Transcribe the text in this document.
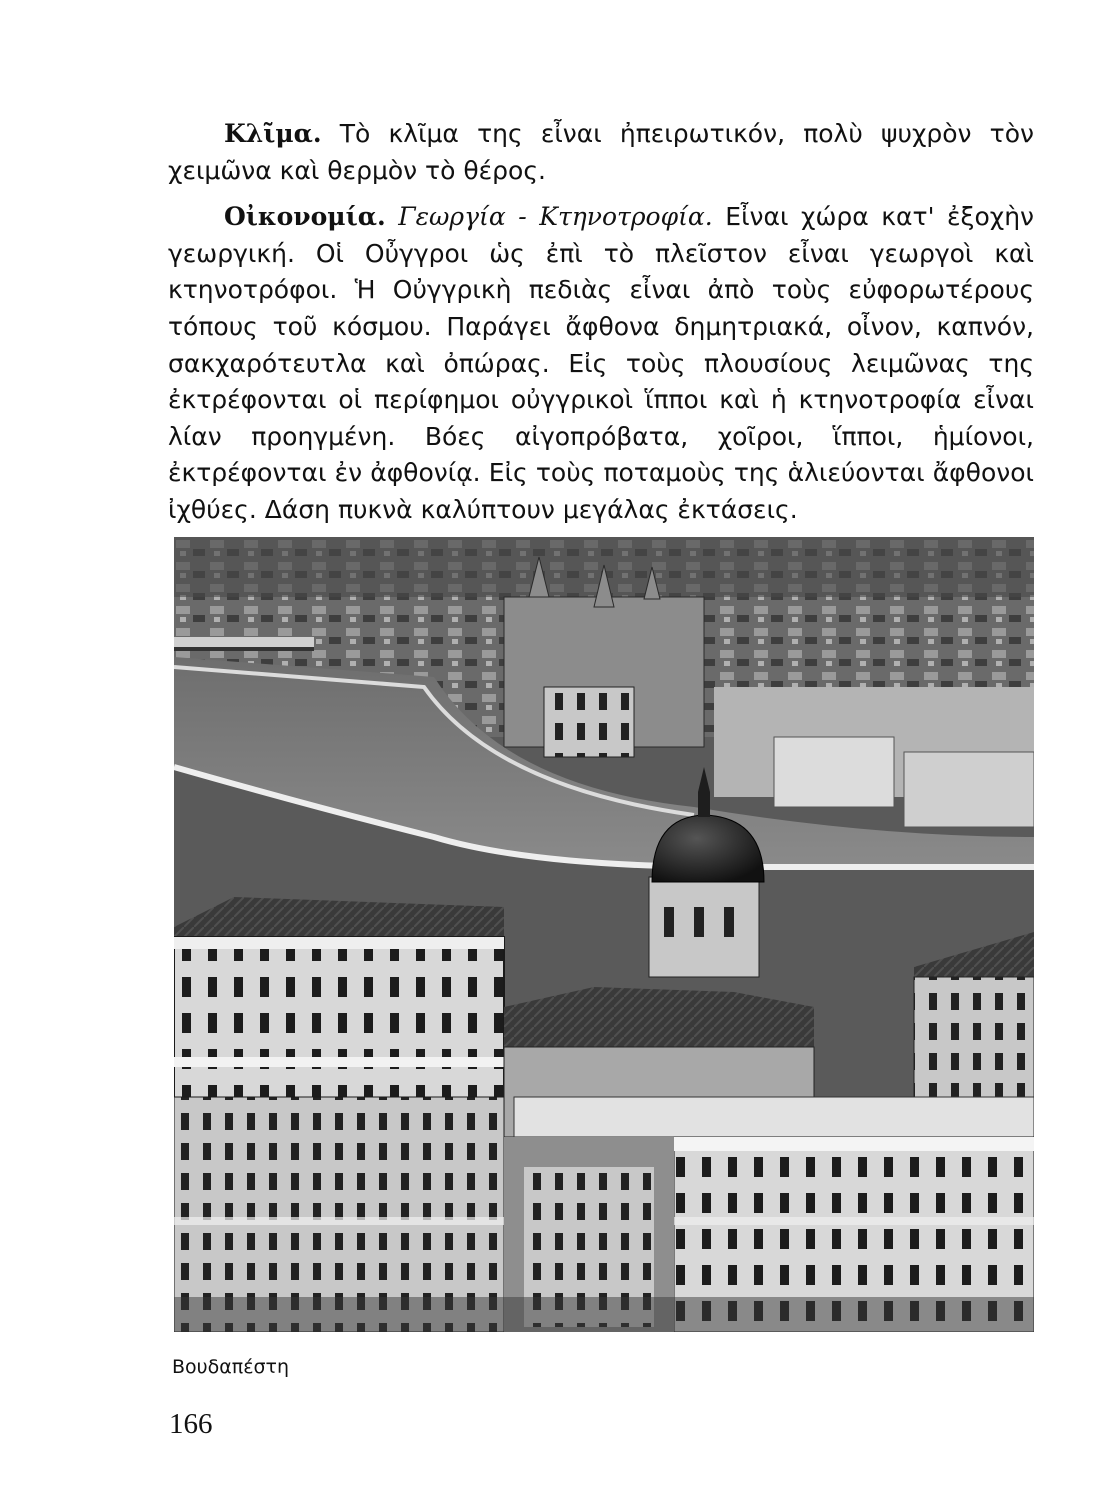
Κλῖμα. Τὸ κλῖμα της εἶναι ἠπειρωτικόν, πολὺ ψυχρὸν τὸν χειμῶνα καὶ θερμὸν τὸ θέρος.

Οἰκονομία. Γεωργία - Κτηνοτροφία. Εἶναι χώρα κατ' ἐξοχὴν γεωργική. Οἱ Οὖγγροι ὡς ἐπὶ τὸ πλεῖστον εἶναι γεωργοὶ καὶ κτηνοτρόφοι. Ἡ Οὐγγρικὴ πεδιὰς εἶναι ἀπὸ τοὺς εὐφορωτέρους τόπους τοῦ κόσμου. Παράγει ἄφθονα δημητριακά, οἶνον, καπνόν, σακχαρότευτλα καὶ ὀπώρας. Εἰς τοὺς πλουσίους λειμῶνας της ἐκτρέφονται οἱ περίφημοι οὐγγρικοὶ ἵπποι καὶ ἡ κτηνοτροφία εἶναι λίαν προηγμένη. Βόες αἰγοπρόβατα, χοῖροι, ἵπποι, ἡμίονοι, ἐκτρέφονται ἐν ἀφθονίᾳ. Εἰς τοὺς ποταμοὺς της ἁλιεύονται ἄφθονοι ἰχθύες. Δάση πυκνὰ καλύπτουν μεγάλας ἐκτάσεις.

Βουδαπέστη
166
